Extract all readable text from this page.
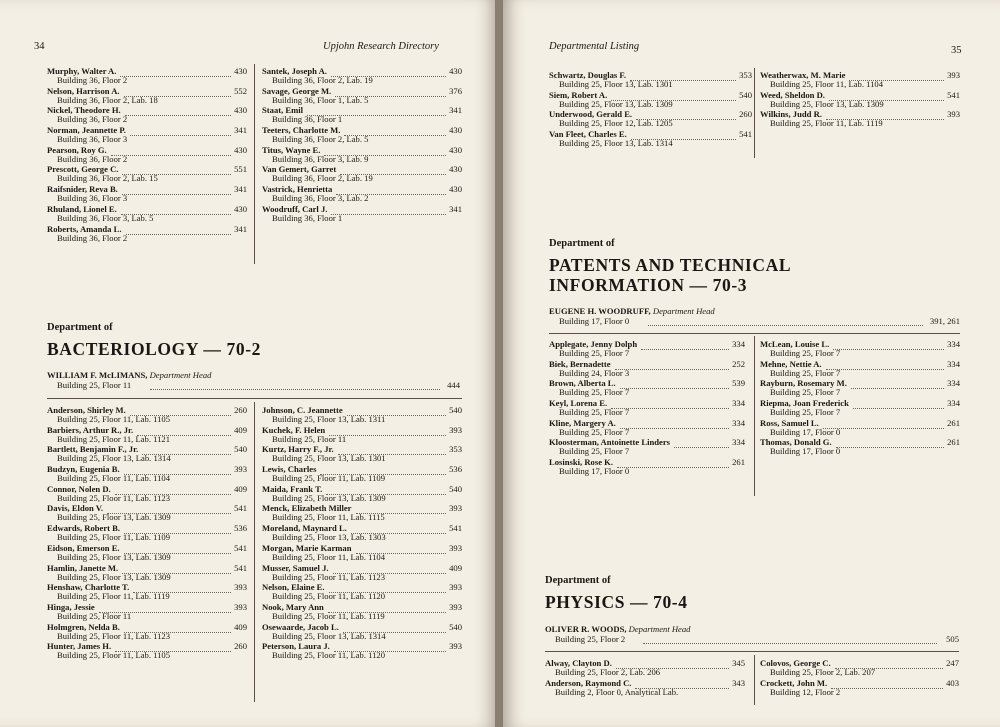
34	Upjohn Research Directory
Murphy, Walter A.	430
Building 36, Floor 2
Nelson, Harrison A.	552
Building 36, Floor 2, Lab. 18
Nickel, Theodore H.	430
Building 36, Floor 2
Norman, Jeannette P.	341
Building 36, Floor 3
Pearson, Roy G.	430
Building 36, Floor 2
Prescott, George C.	551
Building 36, Floor 2, Lab. 15
Raifsnider, Reva B.	341
Building 36, Floor 3
Rhuland, Lionel E.	430
Building 36, Floor 3, Lab. 5
Roberts, Amanda L.	341
Building 36, Floor 2
Santek, Joseph A.	430
Building 36, Floor 2, Lab. 19
Savage, George M.	376
Building 36, Floor 1, Lab. 5
Staat, Emil	341
Building 36, Floor 1
Teeters, Charlotte M.	430
Building 36, Floor 2, Lab. 5
Titus, Wayne E.	430
Building 36, Floor 3, Lab. 9
Van Gemert, Garret	430
Building 36, Floor 2, Lab. 19
Vastrick, Henrietta	430
Building 36, Floor 3, Lab. 2
Woodruff, Carl J.	341
Building 36, Floor 1
Department of
BACTERIOLOGY — 70-2
WILLIAM F. McLIMANS, Department Head
Building 25, Floor 11	444
Anderson, Shirley M.	260
Building 25, Floor 11, Lab. 1105
Barbiers, Arthur R., Jr.	409
Building 25, Floor 11, Lab. 1121
Bartlett, Benjamin F., Jr.	540
Building 25, Floor 13, Lab. 1314
Budzyn, Eugenia B.	393
Building 25, Floor 11, Lab. 1104
Connor, Nolen D.	409
Building 25, Floor 11, Lab. 1123
Davis, Eldon V.	541
Building 25, Floor 13, Lab. 1309
Edwards, Robert B.	536
Building 25, Floor 11, Lab. 1109
Eidson, Emerson E.	541
Building 25, Floor 13, Lab. 1309
Hamlin, Janette M.	541
Building 25, Floor 13, Lab. 1309
Henshaw, Charlotte T.	393
Building 25, Floor 11, Lab. 1119
Hinga, Jessie	393
Building 25, Floor 11
Holmgren, Nelda B.	409
Building 25, Floor 11, Lab. 1123
Hunter, James H.	260
Building 25, Floor 11, Lab. 1105
Johnson, C. Jeannette	540
Building 25, Floor 13, Lab. 1311
Kuchek, F. Helen	393
Building 25, Floor 11
Kurtz, Harry F., Jr.	353
Building 25, Floor 13, Lab. 1301
Lewis, Charles	536
Building 25, Floor 11, Lab. 1109
Maida, Frank T.	540
Building 25, Floor 13, Lab. 1309
Menck, Elizabeth Miller	393
Building 25, Floor 11, Lab. 1115
Moreland, Maynard L.	541
Building 25, Floor 13, Lab. 1303
Morgan, Marie Karman	393
Building 25, Floor 11, Lab. 1104
Musser, Samuel J.	409
Building 25, Floor 11, Lab. 1123
Nelson, Elaine E.	393
Building 25, Floor 11, Lab. 1120
Nook, Mary Ann	393
Building 25, Floor 11, Lab. 1119
Osewaarde, Jacob L.	540
Building 25, Floor 13, Lab. 1314
Peterson, Laura J.	393
Building 25, Floor 11, Lab. 1120
Departmental Listing	35
Schwartz, Douglas F.	353
Building 25, Floor 13, Lab. 1301
Siem, Robert A.	540
Building 25, Floor 13, Lab. 1309
Underwood, Gerald E.	260
Building 25, Floor 12, Lab. 1205
Van Fleet, Charles E.	541
Building 25, Floor 13, Lab. 1314
Weatherwax, M. Marie	393
Building 25, Floor 11, Lab. 1104
Weed, Sheldon D.	541
Building 25, Floor 13, Lab. 1309
Wilkins, Judd R.	393
Building 25, Floor 11, Lab. 1119
Department of
PATENTS AND TECHNICAL
INFORMATION — 70-3
EUGENE H. WOODRUFF, Department Head
Building 17, Floor 0	391, 261
Applegate, Jenny Dolph	334
Building 25, Floor 7
Biek, Bernadette	252
Building 24, Floor 3
Brown, Alberta L.	539
Building 25, Floor 7
Keyl, Lorena E.	334
Building 25, Floor 7
Kline, Margery A.	334
Building 25, Floor 7
Kloosterman, Antoinette Linders	334
Building 25, Floor 7
Losinski, Rose K.	261
Building 17, Floor 0
McLean, Louise L.	334
Building 25, Floor 7
Mehne, Nettie A.	334
Building 25, Floor 7
Rayburn, Rosemary M.	334
Building 25, Floor 7
Riepma, Joan Frederick	334
Building 25, Floor 7
Ross, Samuel L.	261
Building 17, Floor 0
Thomas, Donald G.	261
Building 17, Floor 0
Department of
PHYSICS — 70-4
OLIVER R. WOODS, Department Head
Building 25, Floor 2	505
Alway, Clayton D.	345
Building 25, Floor 2, Lab. 206
Anderson, Raymond C.	343
Building 2, Floor 0, Analytical Lab.
Colovos, George C.	247
Building 25, Floor 2, Lab. 207
Crockett, John M.	403
Building 12, Floor 2
